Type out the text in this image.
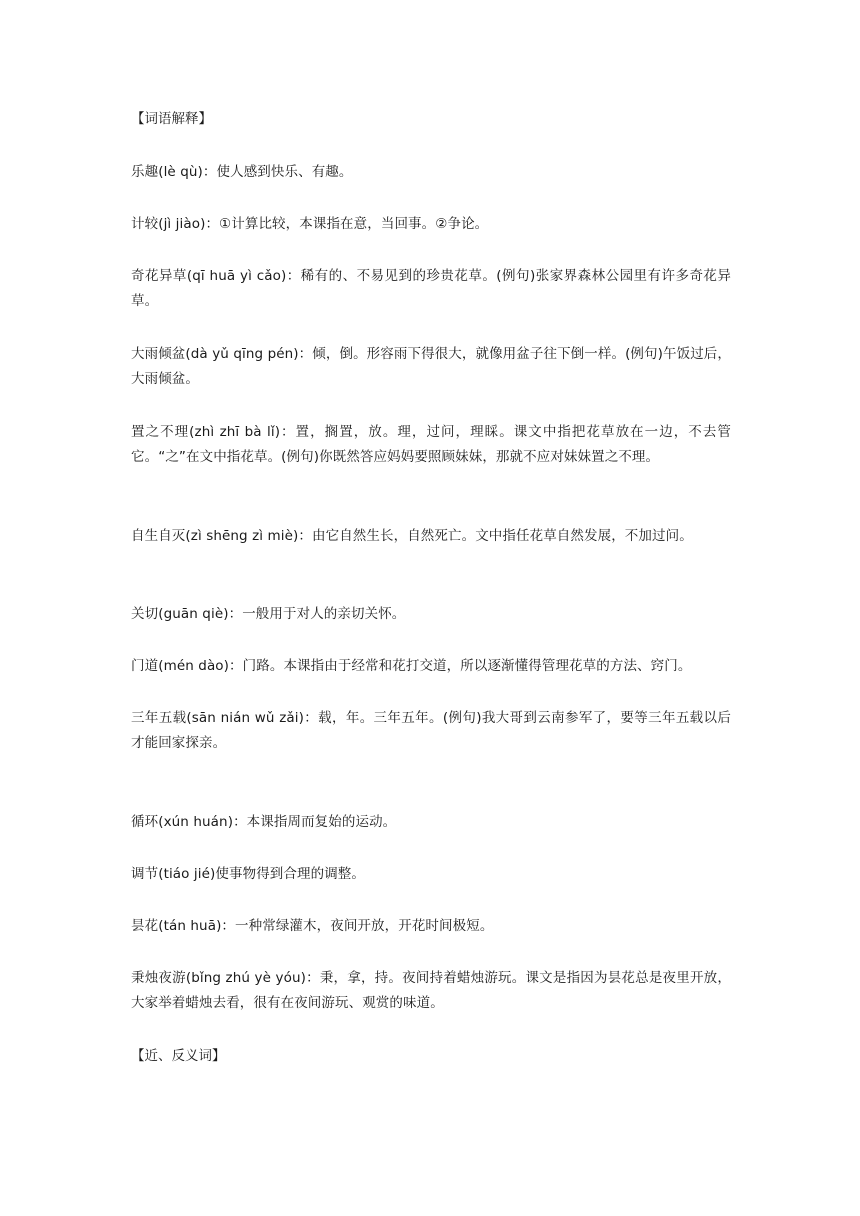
【词语解释】

乐趣(lè qù)：使人感到快乐、有趣。

计较(jì jiào)：①计算比较，本课指在意，当回事。②争论。

奇花异草(qī huā yì cǎo)：稀有的、不易见到的珍贵花草。(例句)张家界森林公园里有许多奇花异草。

大雨倾盆(dà yǔ qīng pén)：倾，倒。形容雨下得很大，就像用盆子往下倒一样。(例句)午饭过后，大雨倾盆。

置之不理(zhì zhī bà lǐ)：置，搁置，放。理，过问，理睬。课文中指把花草放在一边，不去管它。“之”在文中指花草。(例句)你既然答应妈妈要照顾妹妹，那就不应对妹妹置之不理。

自生自灭(zì shēng zì miè)：由它自然生长，自然死亡。文中指任花草自然发展，不加过问。

关切(guān qiè)：一般用于对人的亲切关怀。

门道(mén dào)：门路。本课指由于经常和花打交道，所以逐渐懂得管理花草的方法、窍门。

三年五载(sān nián wǔ zǎi)：载，年。三年五年。(例句)我大哥到云南参军了，要等三年五载以后才能回家探亲。

循环(xún huán)：本课指周而复始的运动。

调节(tiáo jié)使事物得到合理的调整。

昙花(tán huā)：一种常绿灌木，夜间开放，开花时间极短。

秉烛夜游(bǐng zhú yè yóu)：秉，拿，持。夜间持着蜡烛游玩。课文是指因为昙花总是夜里开放，大家举着蜡烛去看，很有在夜间游玩、观赏的味道。

【近、反义词】
